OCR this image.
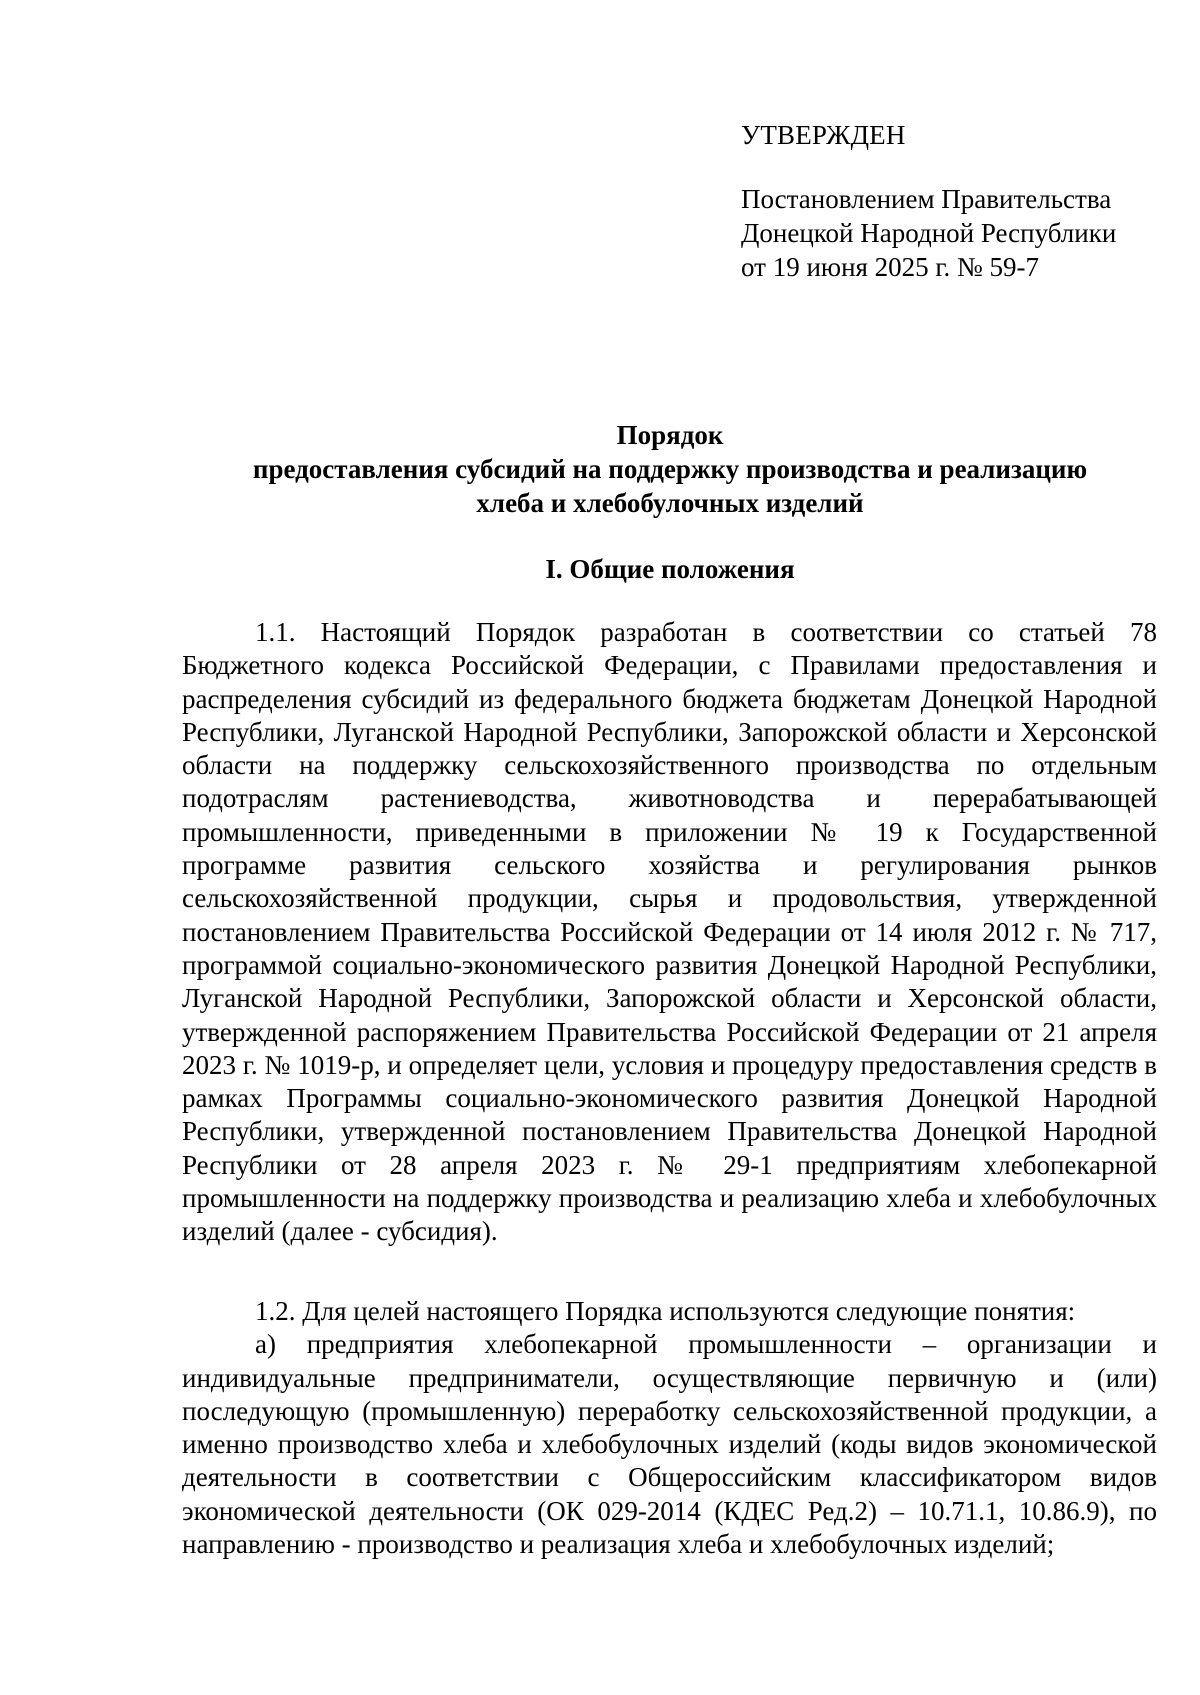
УТВЕРЖДЕН

Постановлением Правительства

Донецкой Народной Республики

от 19 июня 2025 г. № 59-7

Порядок

предоставления субсидий на поддержку производства и реализацию

хлеба и хлебобулочных изделий

I. Общие положения

1.1. Настоящий Порядок разработан в соответствии со статьей 78 Бюджетного кодекса Российской Федерации, с Правилами предоставления и распределения субсидий из федерального бюджета бюджетам Донецкой Народной Республики, Луганской Народной Республики, Запорожской области и Херсонской области на поддержку сельскохозяйственного производства по отдельным подотраслям растениеводства, животноводства и перерабатывающей промышленности, приведенными в приложении № 19 к Государственной программе развития сельского хозяйства и регулирования рынков сельскохозяйственной продукции, сырья и продовольствия, утвержденной постановлением Правительства Российской Федерации от 14 июля 2012 г. № 717, программой социально-экономического развития Донецкой Народной Республики, Луганской Народной Республики, Запорожской области и Херсонской области, утвержденной распоряжением Правительства Российской Федерации от 21 апреля 2023 г. № 1019-р, и определяет цели, условия и процедуру предоставления средств в рамках Программы социально-экономического развития Донецкой Народной Республики, утвержденной постановлением Правительства Донецкой Народной Республики от 28 апреля 2023 г. № 29-1 предприятиям хлебопекарной промышленности на поддержку производства и реализацию хлеба и хлебобулочных изделий (далее - субсидия).

1.2. Для целей настоящего Порядка используются следующие понятия:

а) предприятия хлебопекарной промышленности – организации и индивидуальные предприниматели, осуществляющие первичную и (или) последующую (промышленную) переработку сельскохозяйственной продукции, а именно производство хлеба и хлебобулочных изделий (коды видов экономической деятельности в соответствии с Общероссийским классификатором видов экономической деятельности (ОК 029-2014 (КДЕС Ред.2) – 10.71.1, 10.86.9), по направлению - производство и реализация хлеба и хлебобулочных изделий;
